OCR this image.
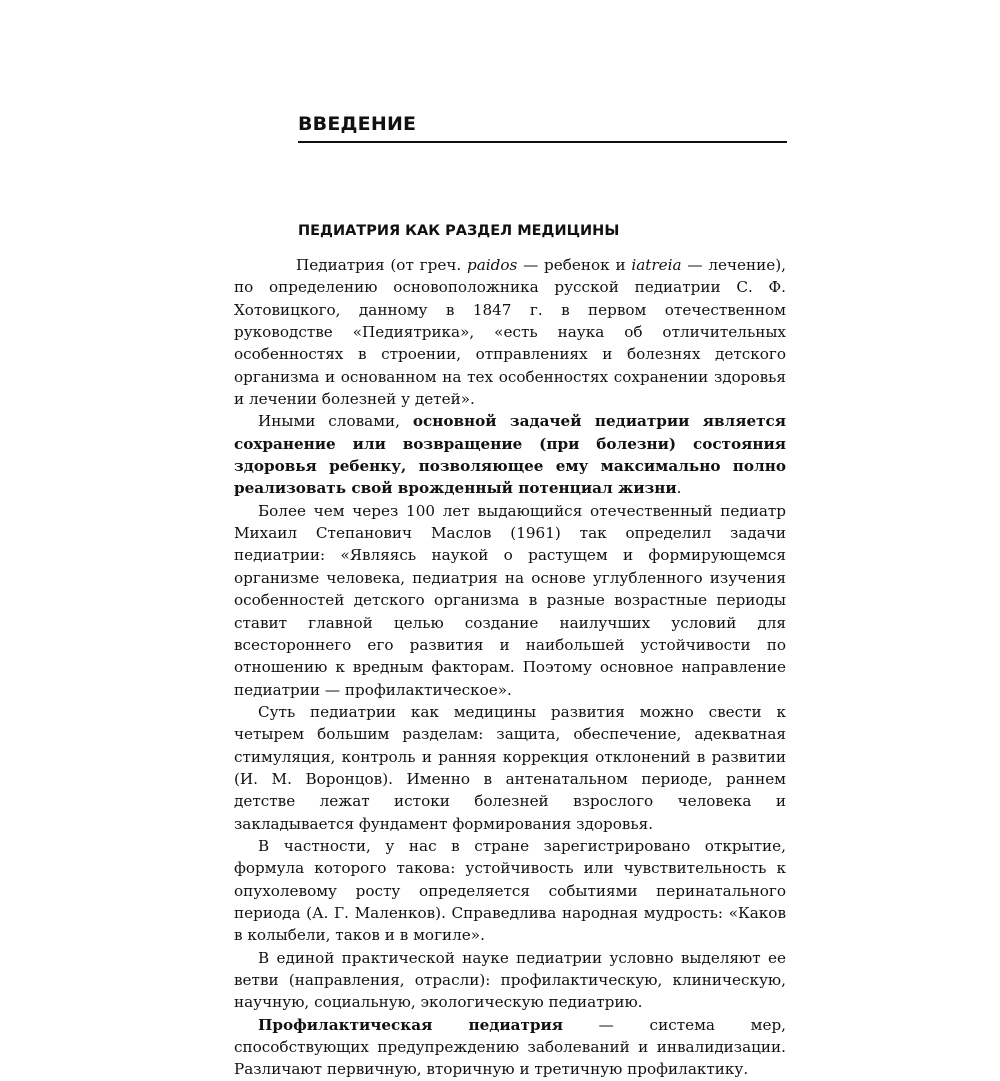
ВВЕДЕНИЕ
ПЕДИАТРИЯ КАК РАЗДЕЛ МЕДИЦИНЫ

Педиатрия (от греч. paidos — ребенок и iatreia — лечение), по определению основоположника русской педиатрии С. Ф. Хотовицкого, данному в 1847 г. в первом отечественном руководстве «Педиятрика», «есть наука об отличительных особенностях в строении, отправлениях и болезнях детского организма и основанном на тех особенностях сохранении здоровья и лечении болезней у детей».

Иными словами, основной задачей педиатрии является сохранение или возвращение (при болезни) состояния здоровья ребенку, позволяющее ему максимально полно реализовать свой врожденный потенциал жизни.

Более чем через 100 лет выдающийся отечественный педиатр Михаил Степанович Маслов (1961) так определил задачи педиатрии: «Являясь наукой о растущем и формирующемся организме человека, педиатрия на основе углубленного изучения особенностей детского организма в разные возрастные периоды ставит главной целью создание наилучших условий для всестороннего его развития и наибольшей устойчивости по отношению к вредным факторам. Поэтому основное направление педиатрии — профилактическое».

Суть педиатрии как медицины развития можно свести к четырем большим разделам: защита, обеспечение, адекватная стимуляция, контроль и ранняя коррекция отклонений в развитии (И. М. Воронцов). Именно в антенатальном периоде, раннем детстве лежат истоки болезней взрослого человека и закладывается фундамент формирования здоровья.

В частности, у нас в стране зарегистрировано открытие, формула которого такова: устойчивость или чувствительность к опухолевому росту определяется событиями перинатального периода (А. Г. Маленков). Справедлива народная мудрость: «Каков в колыбели, таков и в могиле».

В единой практической науке педиатрии условно выделяют ее ветви (направления, отрасли): профилактическую, клиническую, научную, социальную, экологическую педиатрию.

Профилактическая педиатрия — система мер, способствующих предупреждению заболеваний и инвалидизации. Различают первичную, вторичную и третичную профилактику.
